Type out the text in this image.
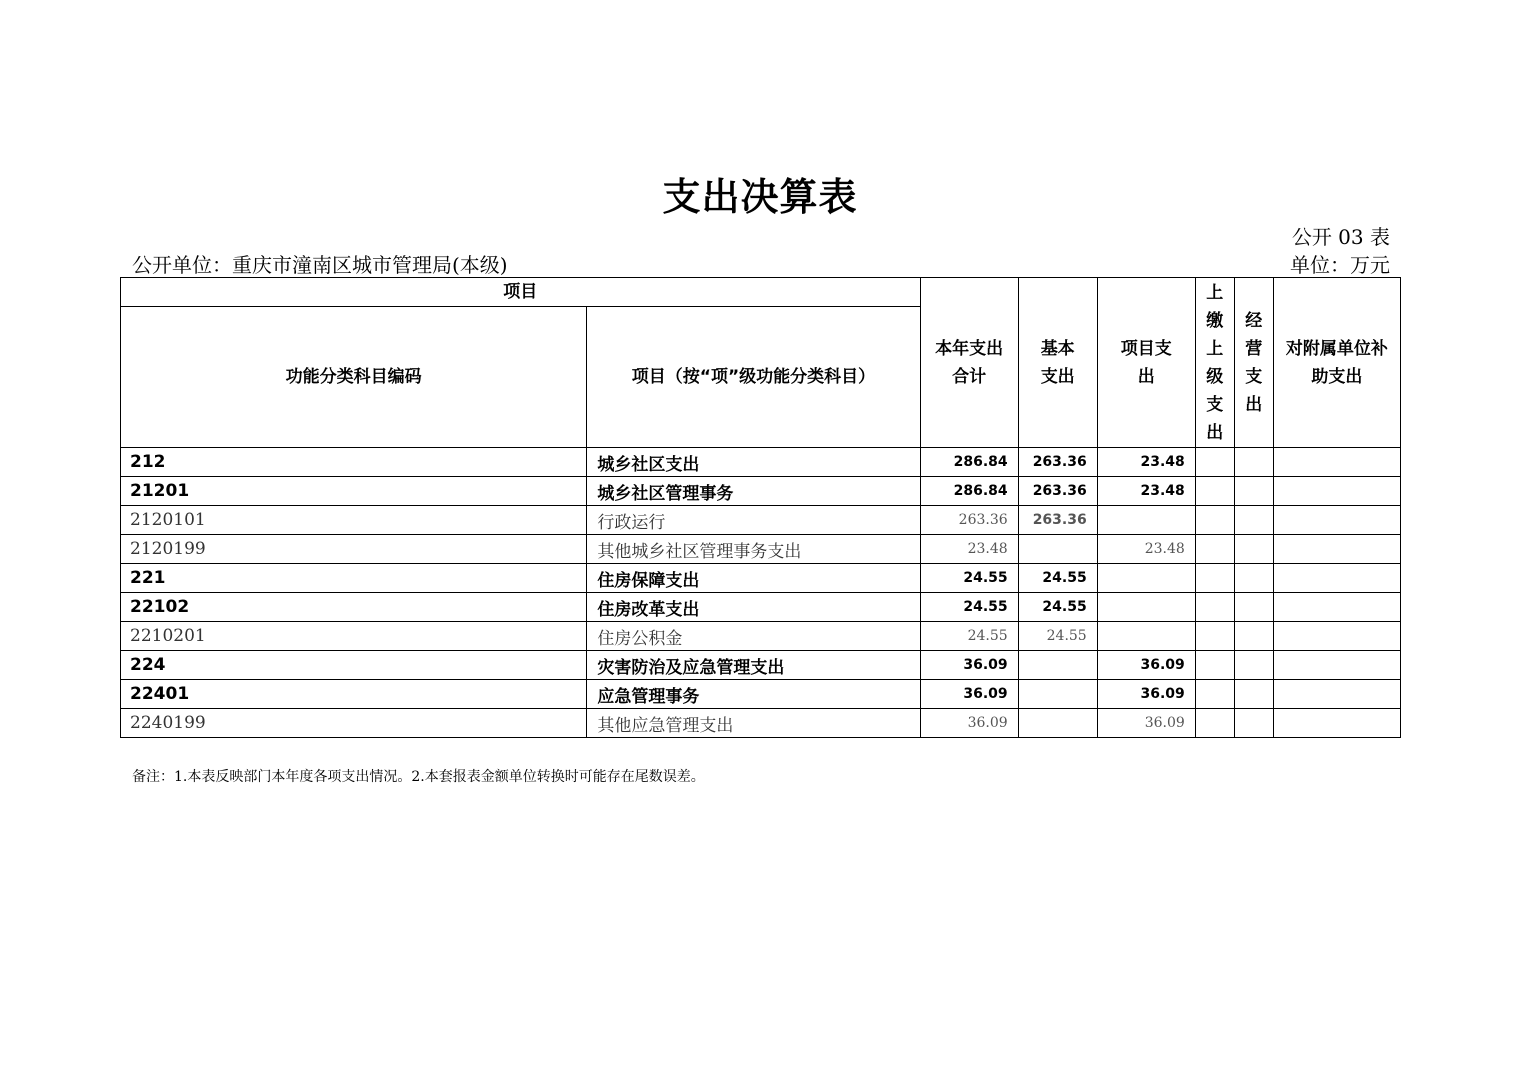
支出决算表
公开 03 表
公开单位：重庆市潼南区城市管理局(本级)	单位：万元
项目		本年支出合计	基本支出	项目支出	上缴上级支出	经营支出	对附属单位补助支出
功能分类科目编码	项目（按“项”级功能分类科目）						
212	城乡社区支出	286.84	263.36	23.48			
21201	城乡社区管理事务	286.84	263.36	23.48			
2120101	行政运行	263.36	263.36				
2120199	其他城乡社区管理事务支出	23.48		23.48			
221	住房保障支出	24.55	24.55				
22102	住房改革支出	24.55	24.55				
2210201	住房公积金	24.55	24.55				
224	灾害防治及应急管理支出	36.09		36.09			
22401	应急管理事务	36.09		36.09			
2240199	其他应急管理支出	36.09		36.09			
备注：1.本表反映部门本年度各项支出情况。2.本套报表金额单位转换时可能存在尾数误差。
